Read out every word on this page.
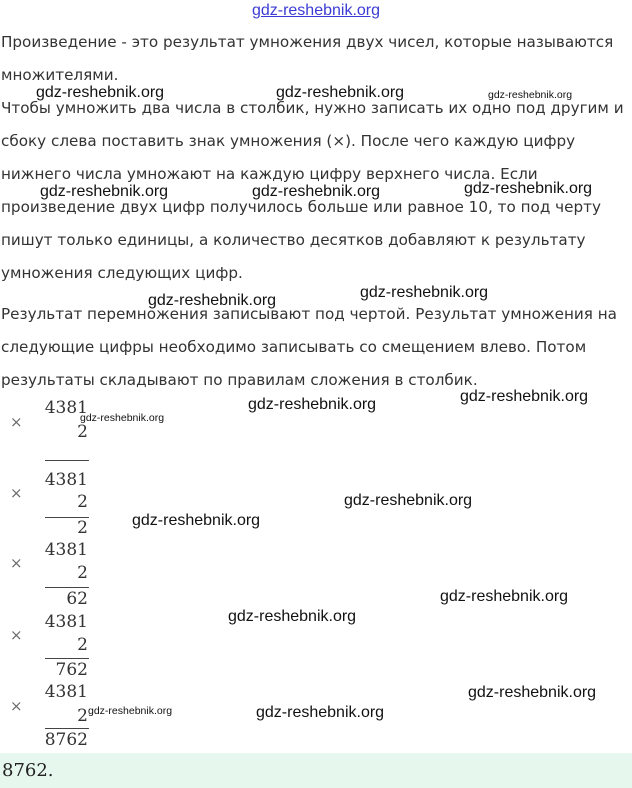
gdz-reshebnik.org

Произведение - это результат умножения двух чисел, которые называются множителями.

Чтобы умножить два числа в столбик, нужно записать их одно под другим и сбоку слева поставить знак умножения (×). После чего каждую цифру нижнего числа умножают на каждую цифру верхнего числа. Если произведение двух цифр получилось больше или равное 10, то под черту пишут только единицы, а количество десятков добавляют к результату умножения следующих цифр.

Результат перемножения записывают под чертой. Результат умножения на следующие цифры необходимо записывать со смещением влево. Потом результаты складывают по правилам сложения в столбик.

×
4381
2
×
4381
2
2
×
4381
2
62
×
4381
2
762
×
4381
2
8762
gdz-reshebnik.org	gdz-reshebnik.org	gdz-reshebnik.org
gdz-reshebnik.org	gdz-reshebnik.org	gdz-reshebnik.org
gdz-reshebnik.org	gdz-reshebnik.org
gdz-reshebnik.org	gdz-reshebnik.org
gdz-reshebnik.org
gdz-reshebnik.org
gdz-reshebnik.org
gdz-reshebnik.org
gdz-reshebnik.org
gdz-reshebnik.org
gdz-reshebnik.org
gdz-reshebnik.org
8762.
